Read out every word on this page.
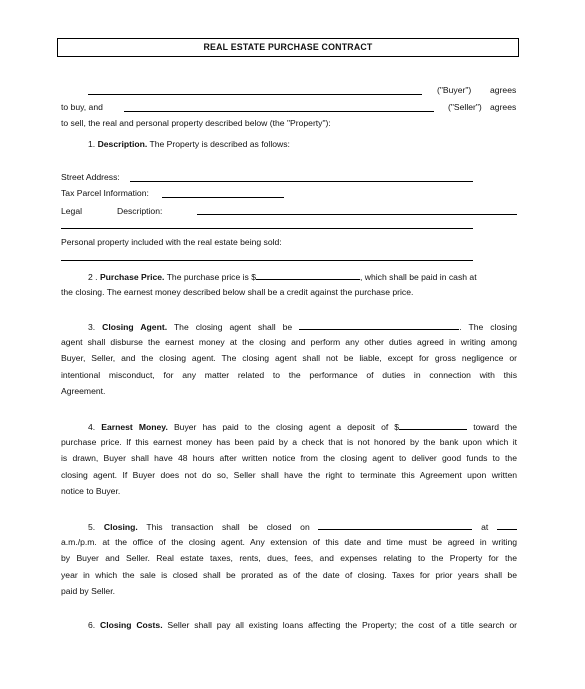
REAL ESTATE PURCHASE CONTRACT
("Buyer") agrees
to buy, and	("Seller") agrees
to sell, the real and personal property described below (the "Property"):
1. Description. The Property is described as follows:
Street Address:
Tax Parcel Information:
Legal	Description:
Personal property included with the real estate being sold:
2 . Purchase Price. The purchase price is $	, which shall be paid in cash at
the closing. The earnest money described below shall be a credit against the purchase price.
3. Closing Agent. The closing agent shall be	. The closing
agent shall disburse the earnest money at the closing and perform any other duties agreed in writing among
Buyer, Seller, and the closing agent. The closing agent shall not be liable, except for gross negligence or
intentional misconduct, for any matter related to the performance of duties in connection with this
Agreement.
4. Earnest Money. Buyer has paid to the closing agent a deposit of $	toward the
purchase price. If this earnest money has been paid by a check that is not honored by the bank upon which it
is drawn, Buyer shall have 48 hours after written notice from the closing agent to deliver good funds to the
closing agent. If Buyer does not do so, Seller shall have the right to terminate this Agreement upon written
notice to Buyer.
5. Closing. This transaction shall be closed on	at
a.m./p.m. at the office of the closing agent. Any extension of this date and time must be agreed in writing
by Buyer and Seller. Real estate taxes, rents, dues, fees, and expenses relating to the Property for the
year in which the sale is closed shall be prorated as of the date of closing. Taxes for prior years shall be
paid by Seller.
6. Closing Costs. Seller shall pay all existing loans affecting the Property; the cost of a title search or
